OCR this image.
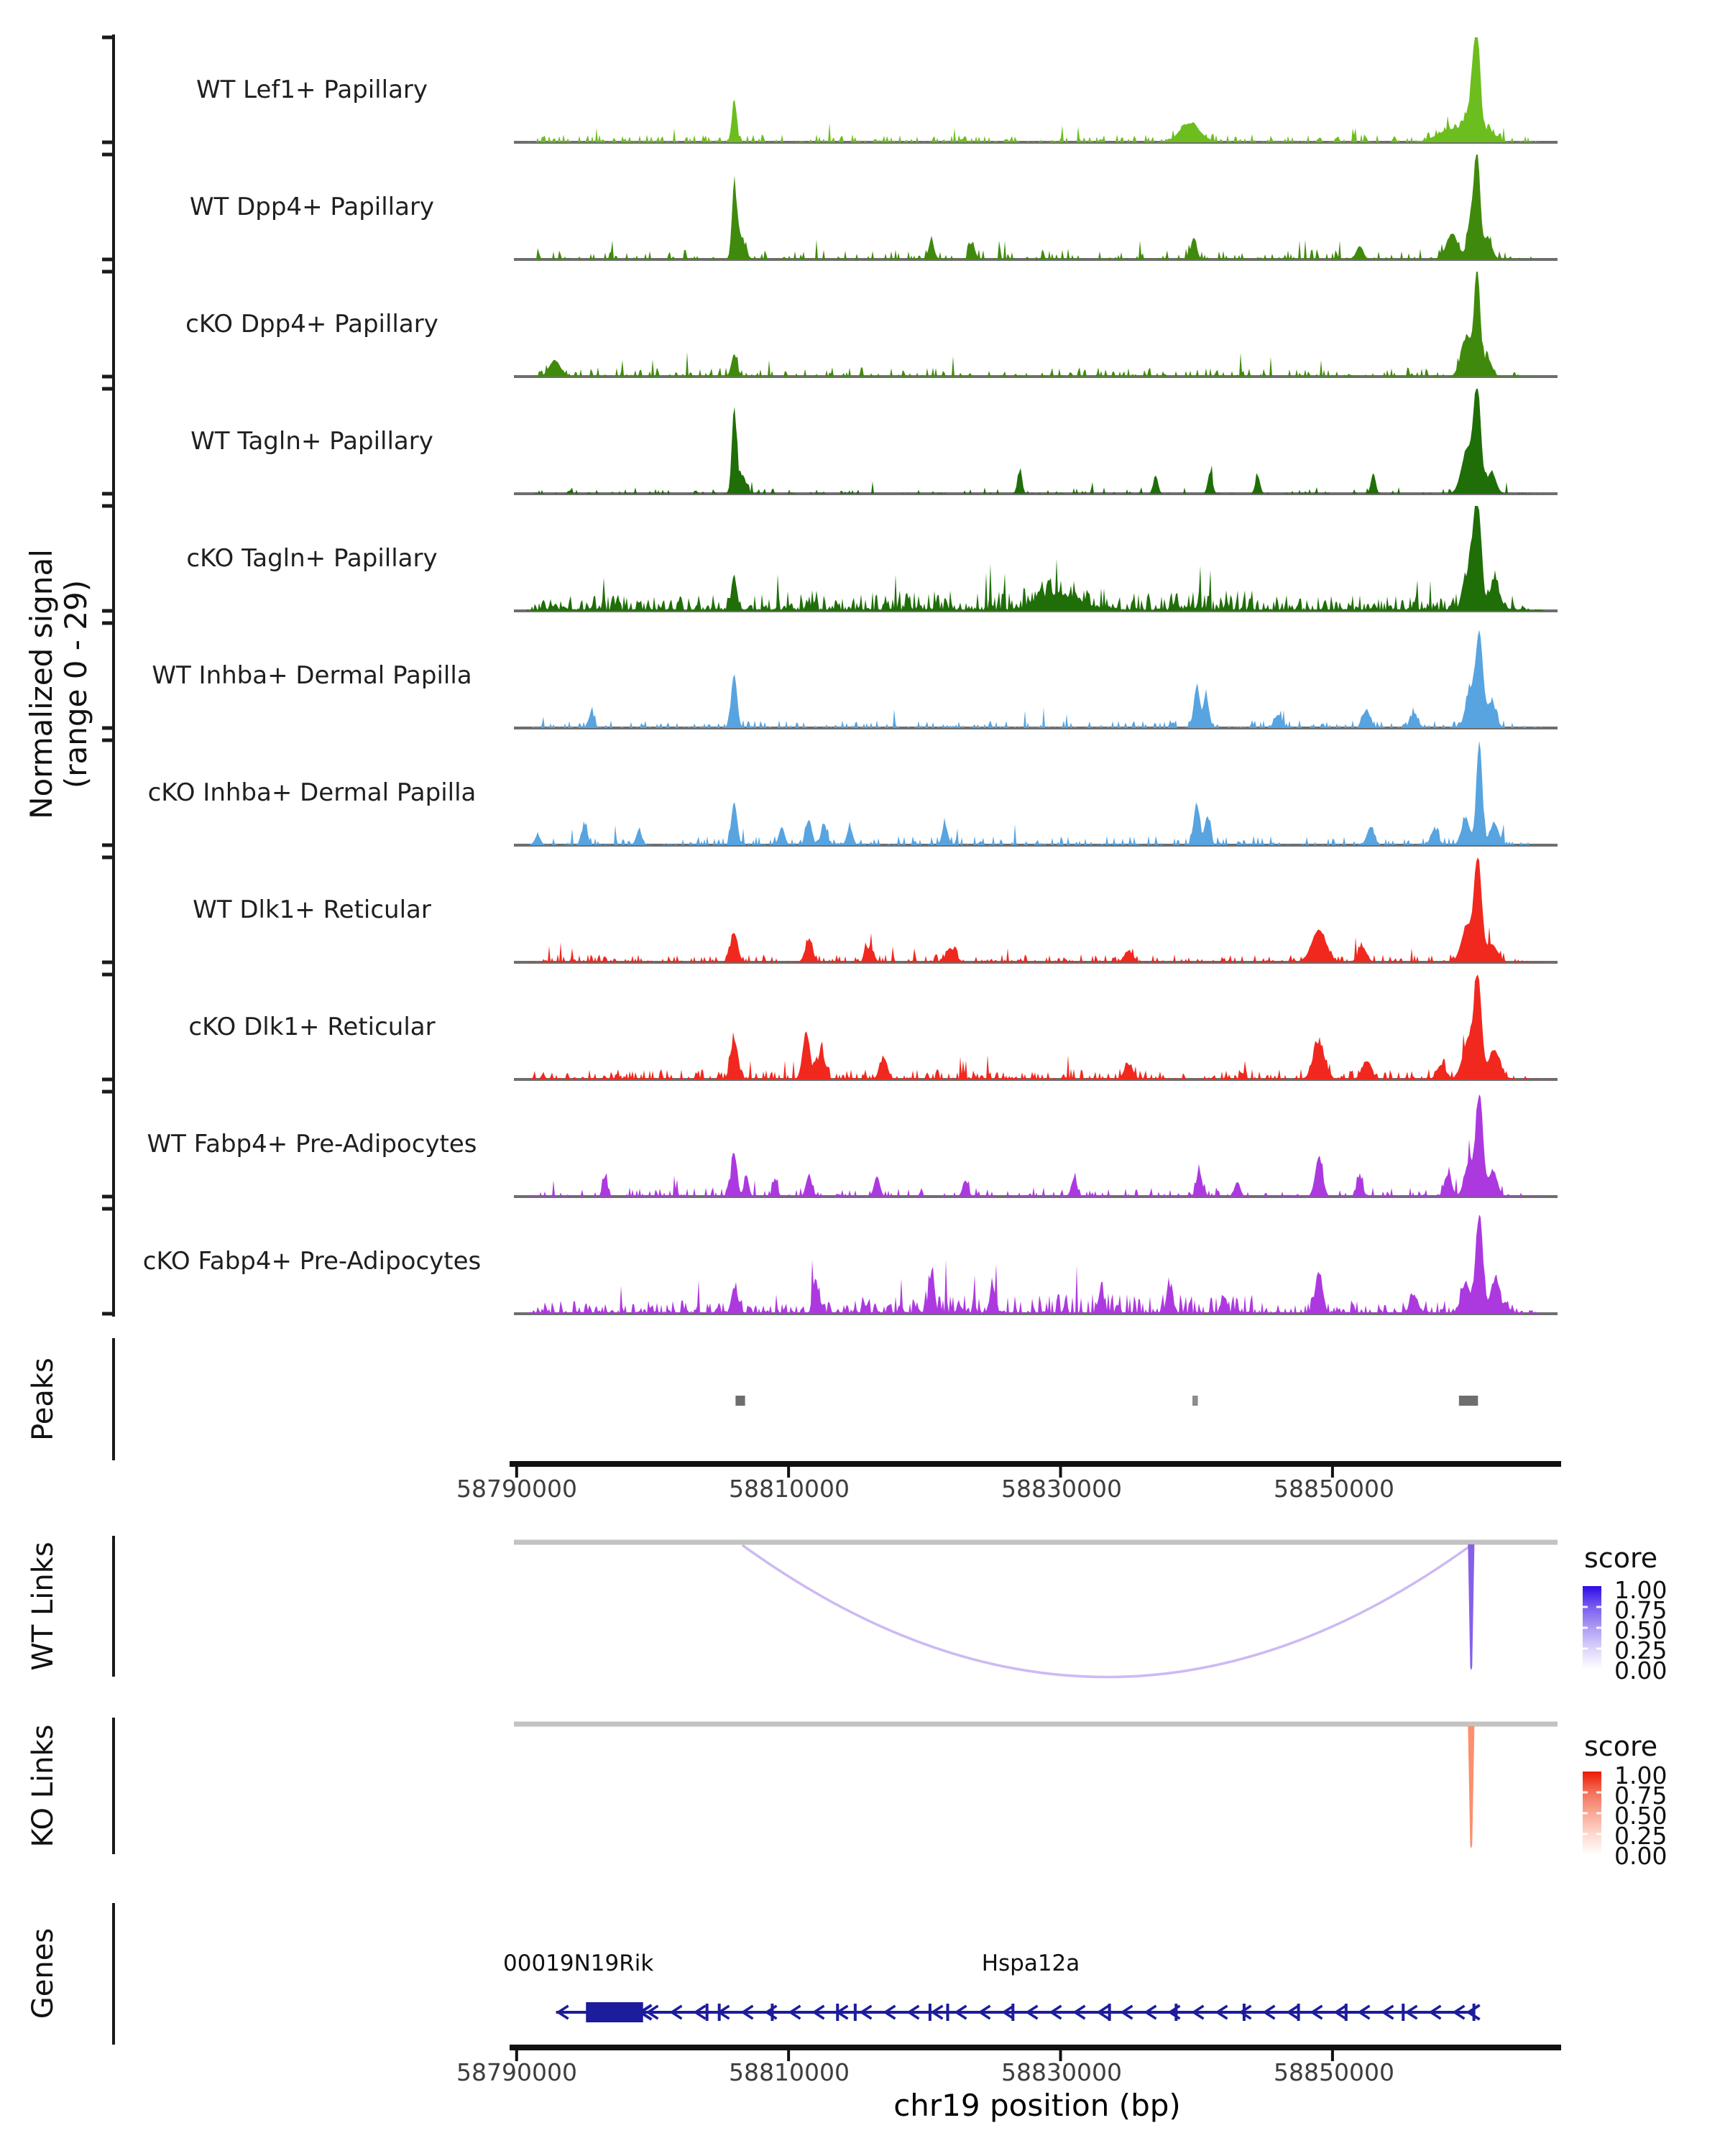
Normalized signal (range 0 - 29)
WT Lef1+ Papillary
WT Dpp4+ Papillary
cKO Dpp4+ Papillary
WT Tagln+ Papillary
cKO Tagln+ Papillary
WT Inhba+ Dermal Papilla
cKO Inhba+ Dermal Papilla
WT Dlk1+ Reticular
cKO Dlk1+ Reticular
WT Fabp4+ Pre-Adipocytes
cKO Fabp4+ Pre-Adipocytes
Peaks
WT Links
KO Links
Genes
58790000	58810000	58830000	58850000
58790000	58810000	58830000	58850000
score
1.00
0.75
0.50
0.25
0.00
score
1.00
0.75
0.50
0.25
0.00
00019N19Rik	Hspa12a
chr19 position (bp)
